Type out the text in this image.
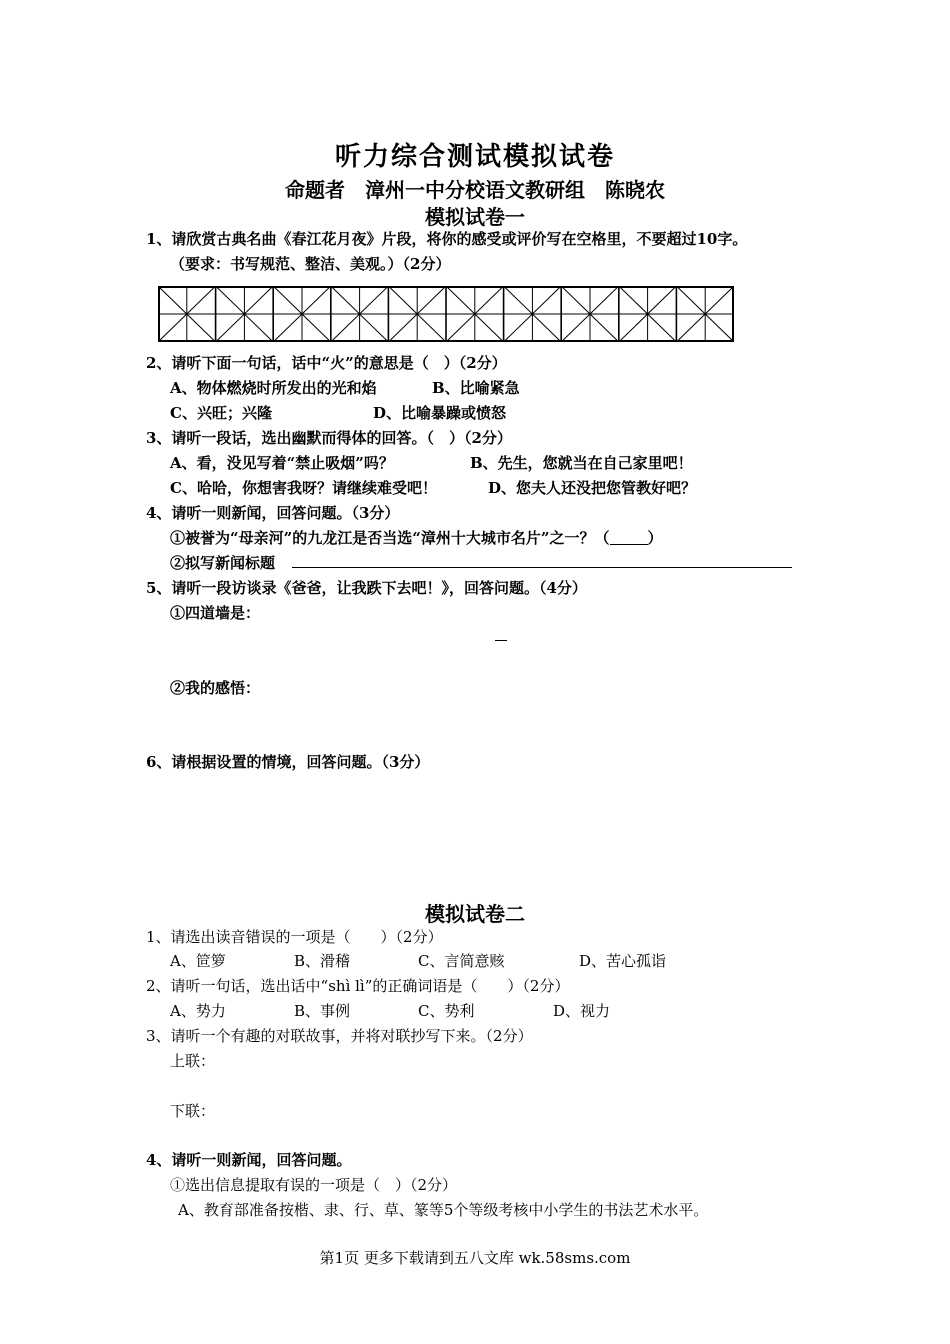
听力综合测试模拟试卷
命题者　漳州一中分校语文教研组　陈晓农
模拟试卷一
1、请欣赏古典名曲《春江花月夜》片段，将你的感受或评价写在空格里，不要超过10字。
（要求：书写规范、整洁、美观。）（2分）
2、请听下面一句话，话中“火”的意思是（　）（2分）
A、物体燃烧时所发出的光和焰	B、比喻紧急
C、兴旺；兴隆	D、比喻暴躁或愤怒
3、请听一段话，选出幽默而得体的回答。（　）（2分）
A、看，没见写着“禁止吸烟”吗？	B、先生，您就当在自己家里吧！
C、哈哈，你想害我呀？请继续难受吧！	D、您夫人还没把您管教好吧？
4、请听一则新闻，回答问题。（3分）
①被誉为“母亲河”的九龙江是否当选“漳州十大城市名片”之一？（	）
②拟写新闻标题
5、请听一段访谈录《爸爸，让我跌下去吧！》，回答问题。（4分）
①四道墙是：
②我的感悟：
6、请根据设置的情境，回答问题。（3分）
模拟试卷二
1、请选出读音错误的一项是（　　）（2分）
A、笸箩	B、滑稽	C、言简意赅	D、苦心孤诣
2、请听一句话，选出话中“shì lì”的正确词语是（　　）（2分）
A、势力	B、事例	C、势利	D、视力
3、请听一个有趣的对联故事，并将对联抄写下来。（2分）
上联：
下联：
4、请听一则新闻，回答问题。
①选出信息提取有误的一项是（　）（2分）
A、教育部准备按楷、隶、行、草、篆等5个等级考核中小学生的书法艺术水平。
第1页 更多下载请到五八文库 wk.58sms.com
